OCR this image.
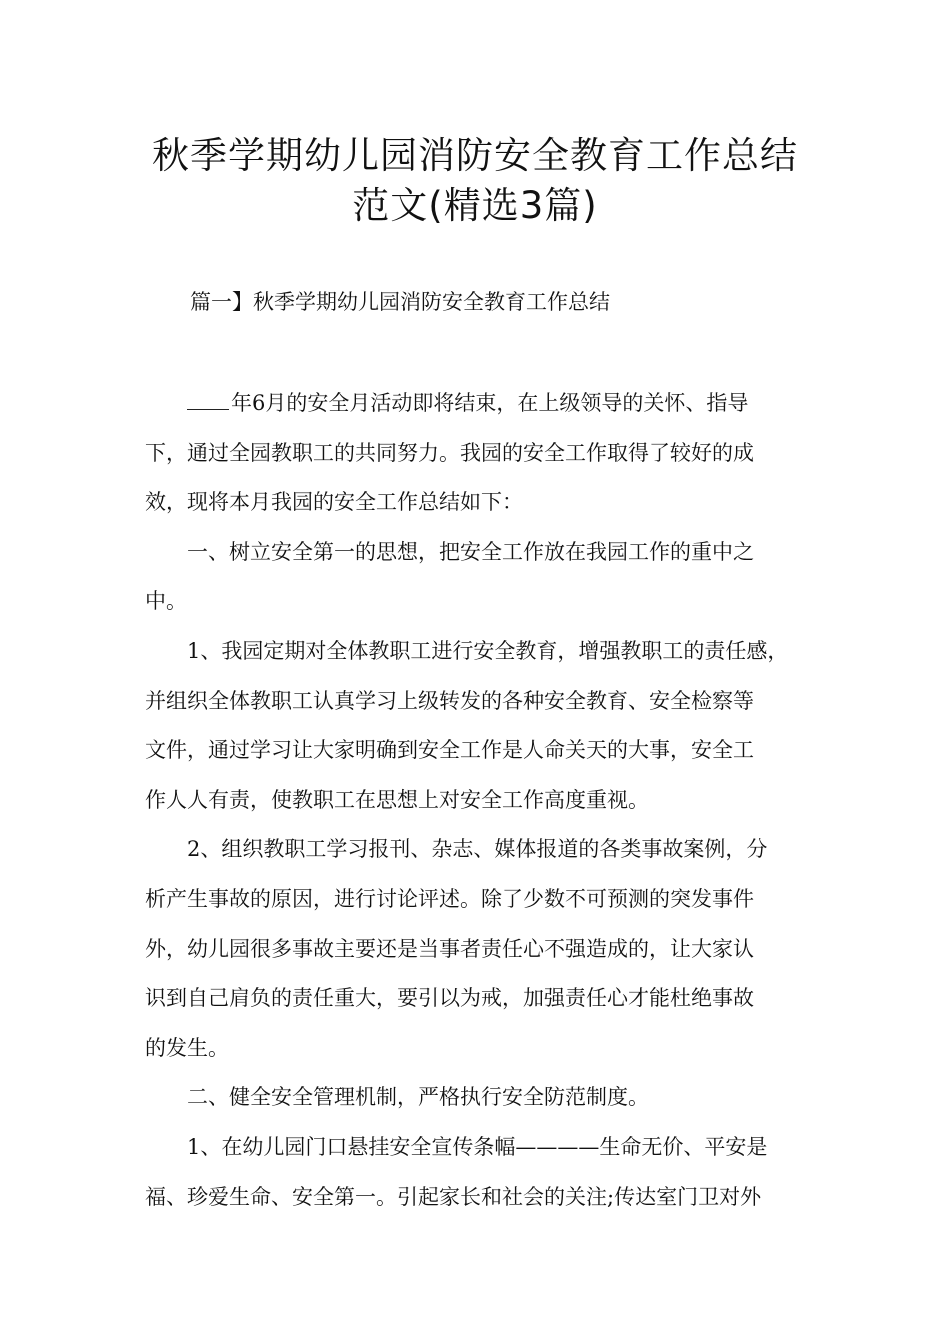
秋季学期幼儿园消防安全教育工作总结
范文(精选3篇)
篇一】秋季学期幼儿园消防安全教育工作总结
年6月的安全月活动即将结束，在上级领导的关怀、指导
下，通过全园教职工的共同努力。我园的安全工作取得了较好的成
效，现将本月我园的安全工作总结如下：
一、树立安全第一的思想，把安全工作放在我园工作的重中之
中。
1、我园定期对全体教职工进行安全教育，增强教职工的责任感，
并组织全体教职工认真学习上级转发的各种安全教育、安全检察等
文件，通过学习让大家明确到安全工作是人命关天的大事，安全工
作人人有责，使教职工在思想上对安全工作高度重视。
2、组织教职工学习报刊、杂志、媒体报道的各类事故案例，分
析产生事故的原因，进行讨论评述。除了少数不可预测的突发事件
外，幼儿园很多事故主要还是当事者责任心不强造成的，让大家认
识到自己肩负的责任重大，要引以为戒，加强责任心才能杜绝事故
的发生。
二、健全安全管理机制，严格执行安全防范制度。
1、在幼儿园门口悬挂安全宣传条幅————生命无价、平安是
福、珍爱生命、安全第一。引起家长和社会的关注;传达室门卫对外
